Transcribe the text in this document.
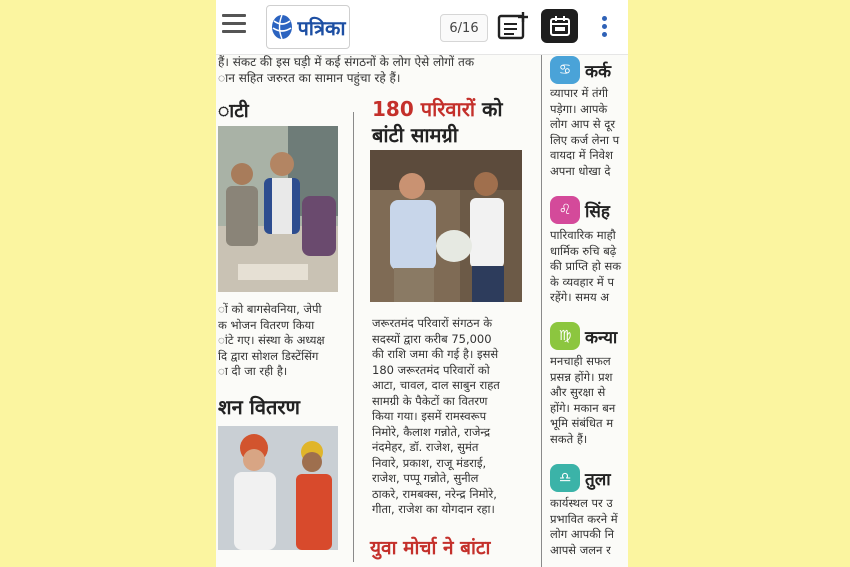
पत्रिका	6/16
हैं। संकट की इस घड़ी में कई संगठनों के लोग ऐसे लोगों तक
ान सहित जरुरत का सामान पहुंचा रहे हैं।
ाटी
ों को बागसेवनिया, जेपी
क भोजन वितरण किया
ांटे गए। संस्था के अध्यक्ष
दि द्वारा सोशल डिस्टेंसिंग
ा दी जा रही है।
शन वितरण
180 परिवारों को
बांटी सामग्री
जरूरतमंद परिवारों संगठन के
सदस्यों द्वारा करीब 75,000
की राशि जमा की गई है। इससे
180 जरूरतमंद परिवारों को
आटा, चावल, दाल साबुन राहत
सामग्री के पैकेटों का वितरण
किया गया। इसमें रामस्वरूप
निमोरे, कैलाश गन्नोते, राजेन्द्र
नंदमेहर, डॉ. राजेश, सुमंत
निवारे, प्रकाश, राजू मंडराई,
राजेश, पप्पू गन्नोते, सुनील
ठाकरे, रामबक्स, नरेन्द्र निमोरे,
गीता, राजेश का योगदान रहा।
युवा मोर्चा ने बांटा
♋ कर्क
व्यापार में तंगी
पड़ेगा। आपके
लोग आप से दूर
लिए कर्ज लेना प
वायदा में निवेश
अपना धोखा दे
♌ सिंह
पारिवारिक माहौ
धार्मिक रुचि बढ़े
की प्राप्ति हो सक
के व्यवहार में प
रहेंगे। समय अ
♍ कन्या
मनचाही सफल
प्रसन्न होंगे। प्रश
और सुरक्षा से
होंगे। मकान बन
भूमि संबंधित म
सकते हैं।
♎ तुला
कार्यस्थल पर उ
प्रभावित करने में
लोग आपकी नि
आपसे जलन र
